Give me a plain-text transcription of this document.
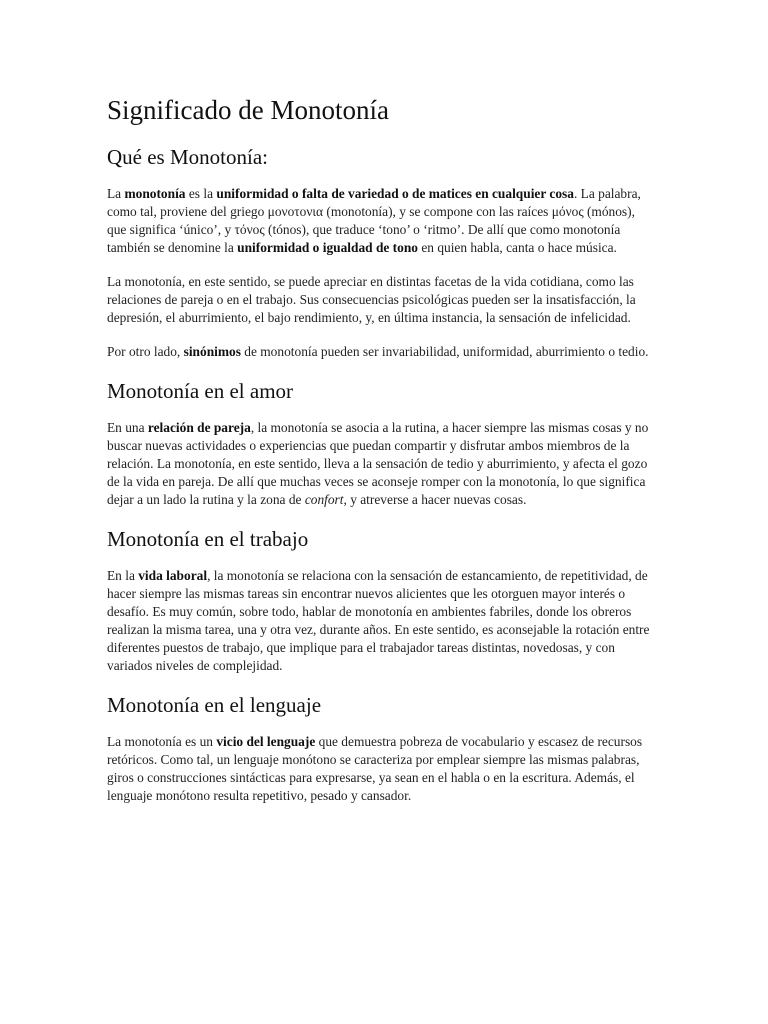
Significado de Monotonía
Qué es Monotonía:

La monotonía es la uniformidad o falta de variedad o de matices en cualquier cosa. La palabra, como tal, proviene del griego μονοτονια (monotonía), y se compone con las raíces μόνος (mónos), que significa ‘único’, y τόνος (tónos), que traduce ‘tono’ o ‘ritmo’. De allí que como monotonía también se denomine la uniformidad o igualdad de tono en quien habla, canta o hace música.

La monotonía, en este sentido, se puede apreciar en distintas facetas de la vida cotidiana, como las relaciones de pareja o en el trabajo. Sus consecuencias psicológicas pueden ser la insatisfacción, la depresión, el aburrimiento, el bajo rendimiento, y, en última instancia, la sensación de infelicidad.

Por otro lado, sinónimos de monotonía pueden ser invariabilidad, uniformidad, aburrimiento o tedio.

Monotonía en el amor

En una relación de pareja, la monotonía se asocia a la rutina, a hacer siempre las mismas cosas y no buscar nuevas actividades o experiencias que puedan compartir y disfrutar ambos miembros de la relación. La monotonía, en este sentido, lleva a la sensación de tedio y aburrimiento, y afecta el gozo de la vida en pareja. De allí que muchas veces se aconseje romper con la monotonía, lo que significa dejar a un lado la rutina y la zona de confort, y atreverse a hacer nuevas cosas.

Monotonía en el trabajo

En la vida laboral, la monotonía se relaciona con la sensación de estancamiento, de repetitividad, de hacer siempre las mismas tareas sin encontrar nuevos alicientes que les otorguen mayor interés o desafío. Es muy común, sobre todo, hablar de monotonía en ambientes fabriles, donde los obreros realizan la misma tarea, una y otra vez, durante años. En este sentido, es aconsejable la rotación entre diferentes puestos de trabajo, que implique para el trabajador tareas distintas, novedosas, y con variados niveles de complejidad.

Monotonía en el lenguaje

La monotonía es un vicio del lenguaje que demuestra pobreza de vocabulario y escasez de recursos retóricos. Como tal, un lenguaje monótono se caracteriza por emplear siempre las mismas palabras, giros o construcciones sintácticas para expresarse, ya sean en el habla o en la escritura. Además, el lenguaje monótono resulta repetitivo, pesado y cansador.
